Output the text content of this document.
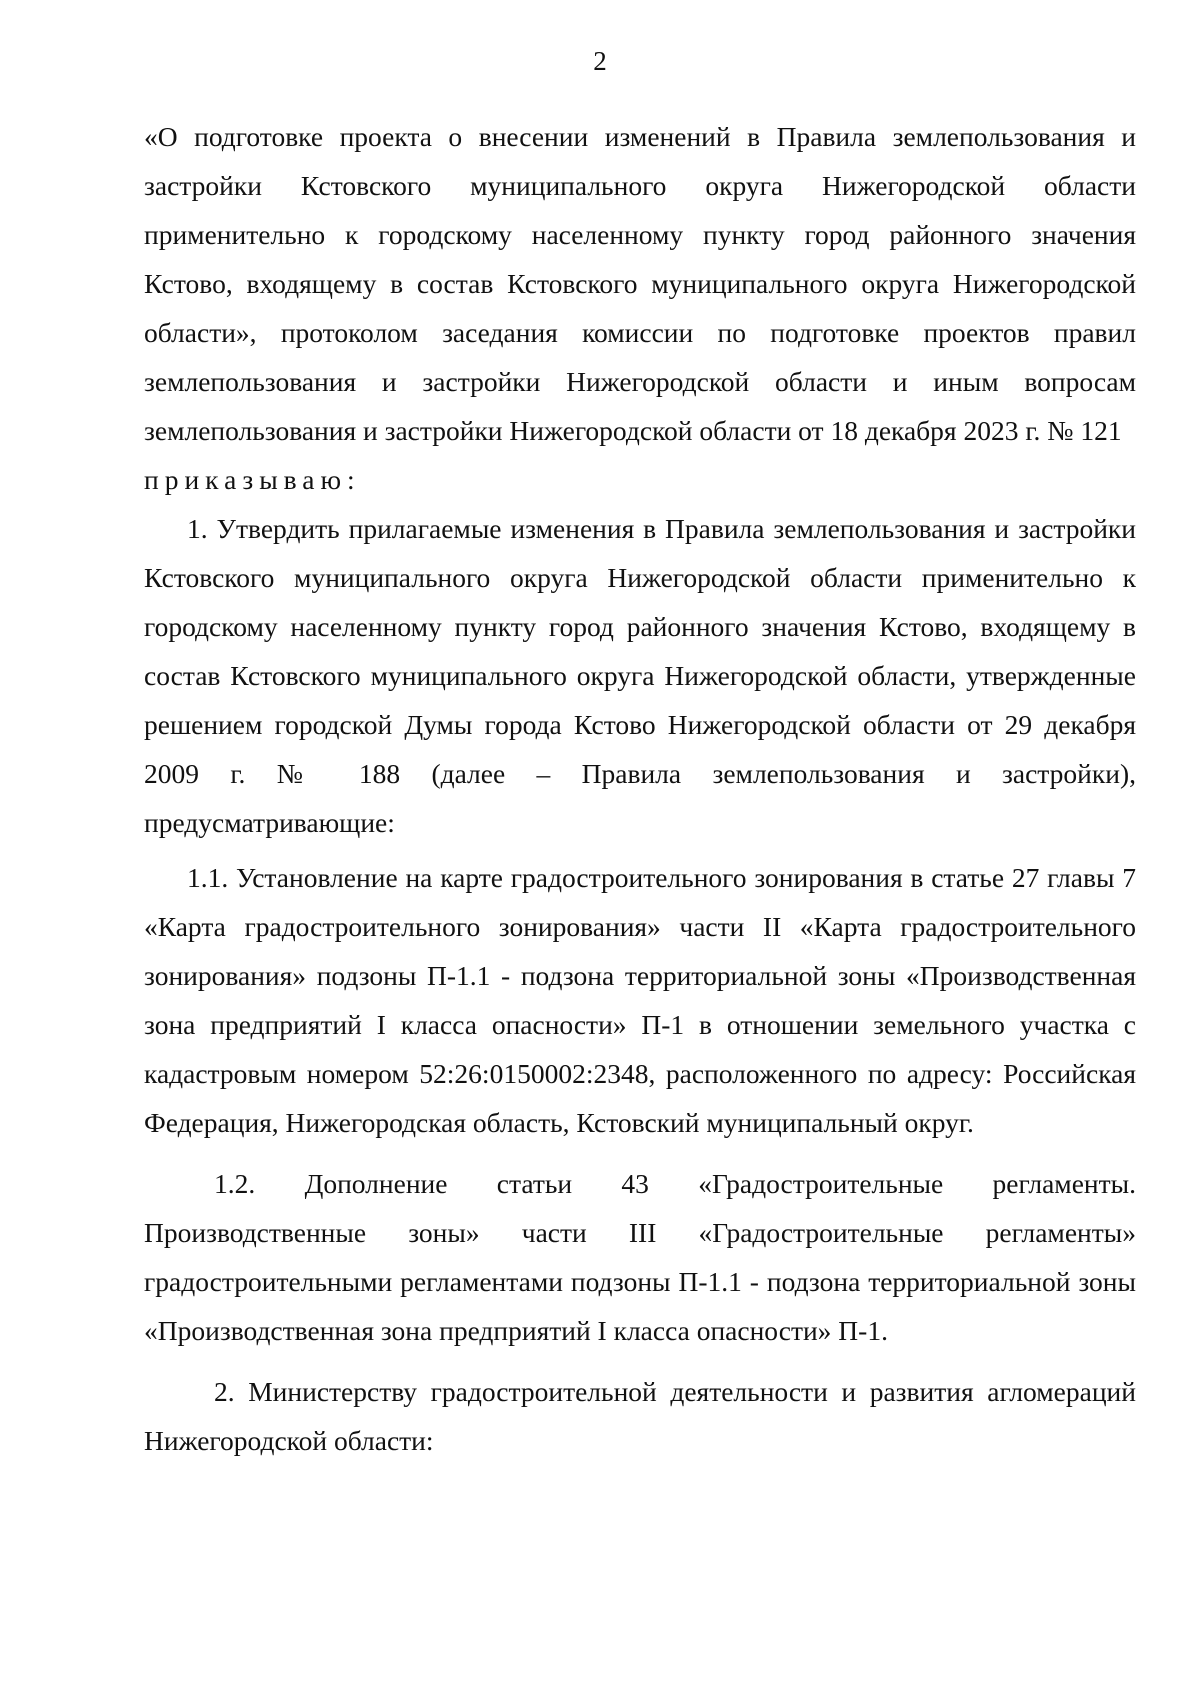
2

«О подготовке проекта о внесении изменений в Правила землепользования и застройки Кстовского муниципального округа Нижегородской области применительно к городскому населенному пункту город районного значения Кстово, входящему в состав Кстовского муниципального округа Нижегородской области», протоколом заседания комиссии по подготовке проектов правил землепользования и застройки Нижегородской области и иным вопросам землепользования и застройки Нижегородской области от 18 декабря 2023 г. № 121

приказываю:

1. Утвердить прилагаемые изменения в Правила землепользования и застройки Кстовского муниципального округа Нижегородской области применительно к городскому населенному пункту город районного значения Кстово, входящему в состав Кстовского муниципального округа Нижегородской области, утвержденные решением городской Думы города Кстово Нижегородской области от 29 декабря 2009 г. № 188 (далее – Правила землепользования и застройки), предусматривающие:

1.1. Установление на карте градостроительного зонирования в статье 27 главы 7 «Карта градостроительного зонирования» части II «Карта градостроительного зонирования» подзоны П-1.1 - подзона территориальной зоны «Производственная зона предприятий I класса опасности» П-1 в отношении земельного участка с кадастровым номером 52:26:0150002:2348, расположенного по адресу: Российская Федерация, Нижегородская область, Кстовский муниципальный округ.

1.2. Дополнение статьи 43 «Градостроительные регламенты. Производственные зоны» части III «Градостроительные регламенты» градостроительными регламентами подзоны П-1.1 - подзона территориальной зоны «Производственная зона предприятий I класса опасности» П-1.

2. Министерству градостроительной деятельности и развития агломераций Нижегородской области:
